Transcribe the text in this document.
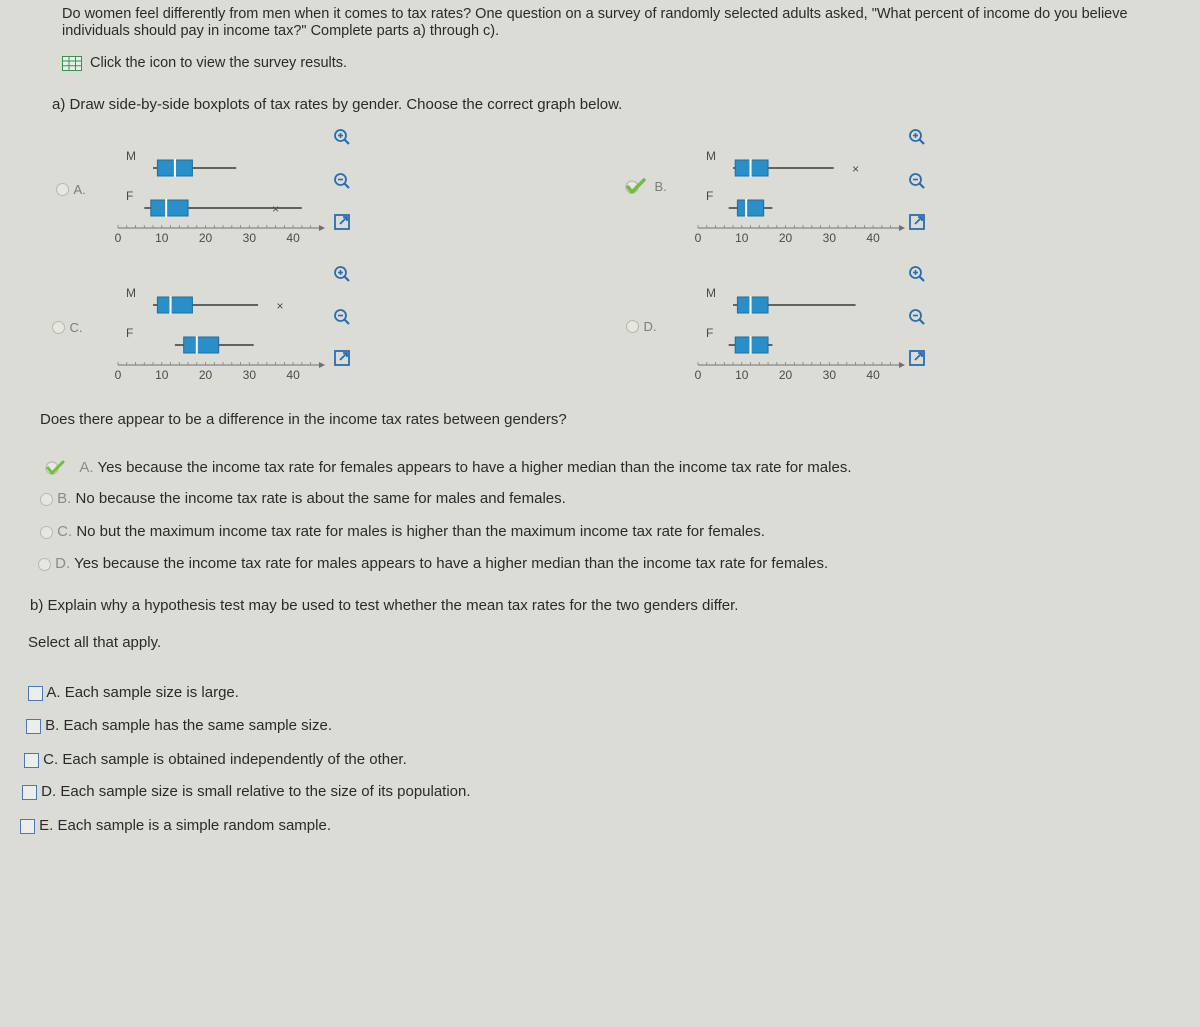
Do women feel differently from men when it comes to tax rates? One question on a survey of randomly selected adults asked, "What percent of income do you believe individuals should pay in income tax?" Complete parts a) through c).
Click the icon to view the survey results.
a) Draw side-by-side boxplots of tax rates by gender. Choose the correct graph below.
A.	B.
C.	D.
M
F
×
0	10	20	30	40
M
×
F
0	10	20	30	40
M
×
F
0	10	20	30	40
M
F
0	10	20	30	40
Does there appear to be a difference in the income tax rates between genders?
A. Yes because the income tax rate for females appears to have a higher median than the income tax rate for males.
B. No because the income tax rate is about the same for males and females.
C. No but the maximum income tax rate for males is higher than the maximum income tax rate for females.
D. Yes because the income tax rate for males appears to have a higher median than the income tax rate for females.
b) Explain why a hypothesis test may be used to test whether the mean tax rates for the two genders differ.
Select all that apply.
A. Each sample size is large.
B. Each sample has the same sample size.
C. Each sample is obtained independently of the other.
D. Each sample size is small relative to the size of its population.
E. Each sample is a simple random sample.
